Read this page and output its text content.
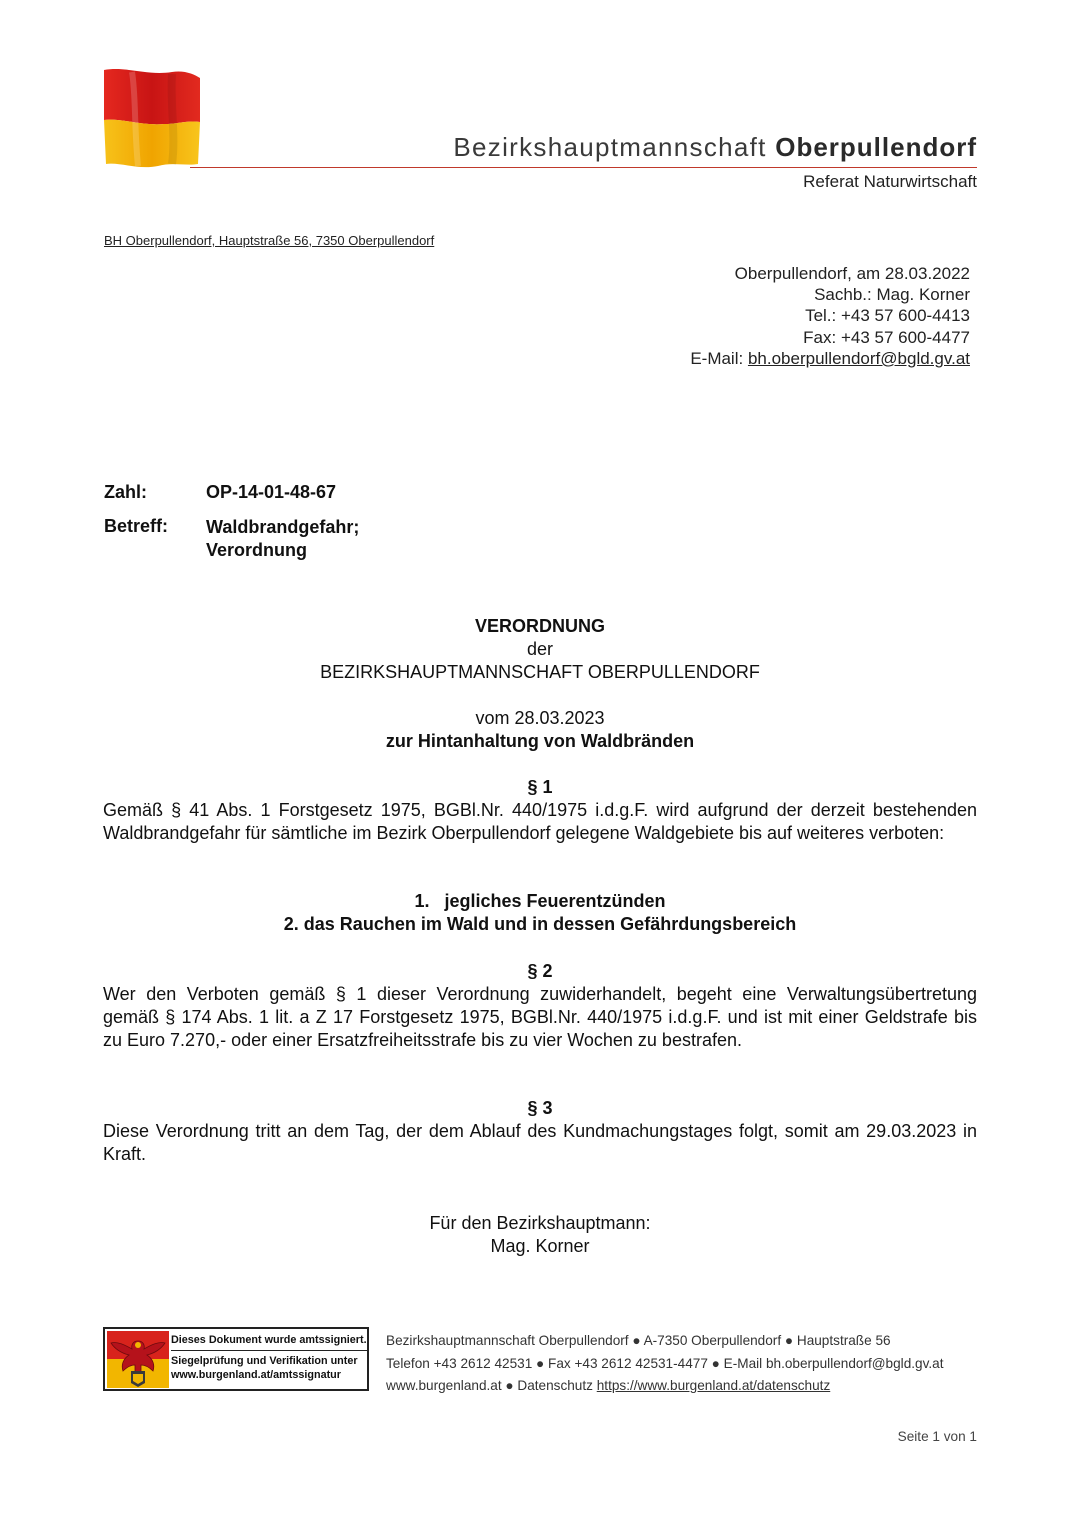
Bezirkshauptmannschaft Oberpullendorf
Referat Naturwirtschaft
BH Oberpullendorf, Hauptstraße 56, 7350 Oberpullendorf
Oberpullendorf, am 28.03.2022
Sachb.: Mag. Korner
Tel.: +43 57 600-4413
Fax: +43 57 600-4477
E-Mail: bh.oberpullendorf@bgld.gv.at
Zahl:	OP-14-01-48-67
Betreff: Waldbrandgefahr;
Verordnung
VERORDNUNG
der
BEZIRKSHAUPTMANNSCHAFT OBERPULLENDORF
vom 28.03.2023
zur Hintanhaltung von Waldbränden
§ 1
Gemäß § 41 Abs. 1 Forstgesetz 1975, BGBl.Nr. 440/1975 i.d.g.F. wird aufgrund der derzeit bestehenden Waldbrandgefahr für sämtliche im Bezirk Oberpullendorf gelegene Waldgebiete bis auf weiteres verboten:
1.   jegliches Feuerentzünden
2. das Rauchen im Wald und in dessen Gefährdungsbereich
§ 2
Wer den Verboten gemäß § 1 dieser Verordnung zuwiderhandelt, begeht eine Verwaltungsübertretung gemäß § 174 Abs. 1 lit. a Z 17 Forstgesetz 1975, BGBl.Nr. 440/1975 i.d.g.F. und ist mit einer Geldstrafe bis zu Euro 7.270,- oder einer Ersatzfreiheitsstrafe bis zu vier Wochen zu bestrafen.
§ 3
Diese Verordnung tritt an dem Tag, der dem Ablauf des Kundmachungstages folgt, somit am 29.03.2023 in Kraft.
Für den Bezirkshauptmann:
Mag. Korner
Dieses Dokument wurde amtssigniert.
Siegelprüfung und Verifikation unter
www.burgenland.at/amtssignatur
Bezirkshauptmannschaft Oberpullendorf ● A-7350 Oberpullendorf ● Hauptstraße 56
Telefon +43 2612 42531 ● Fax +43 2612 42531-4477 ● E-Mail bh.oberpullendorf@bgld.gv.at
www.burgenland.at ● Datenschutz https://www.burgenland.at/datenschutz
Seite 1 von 1
